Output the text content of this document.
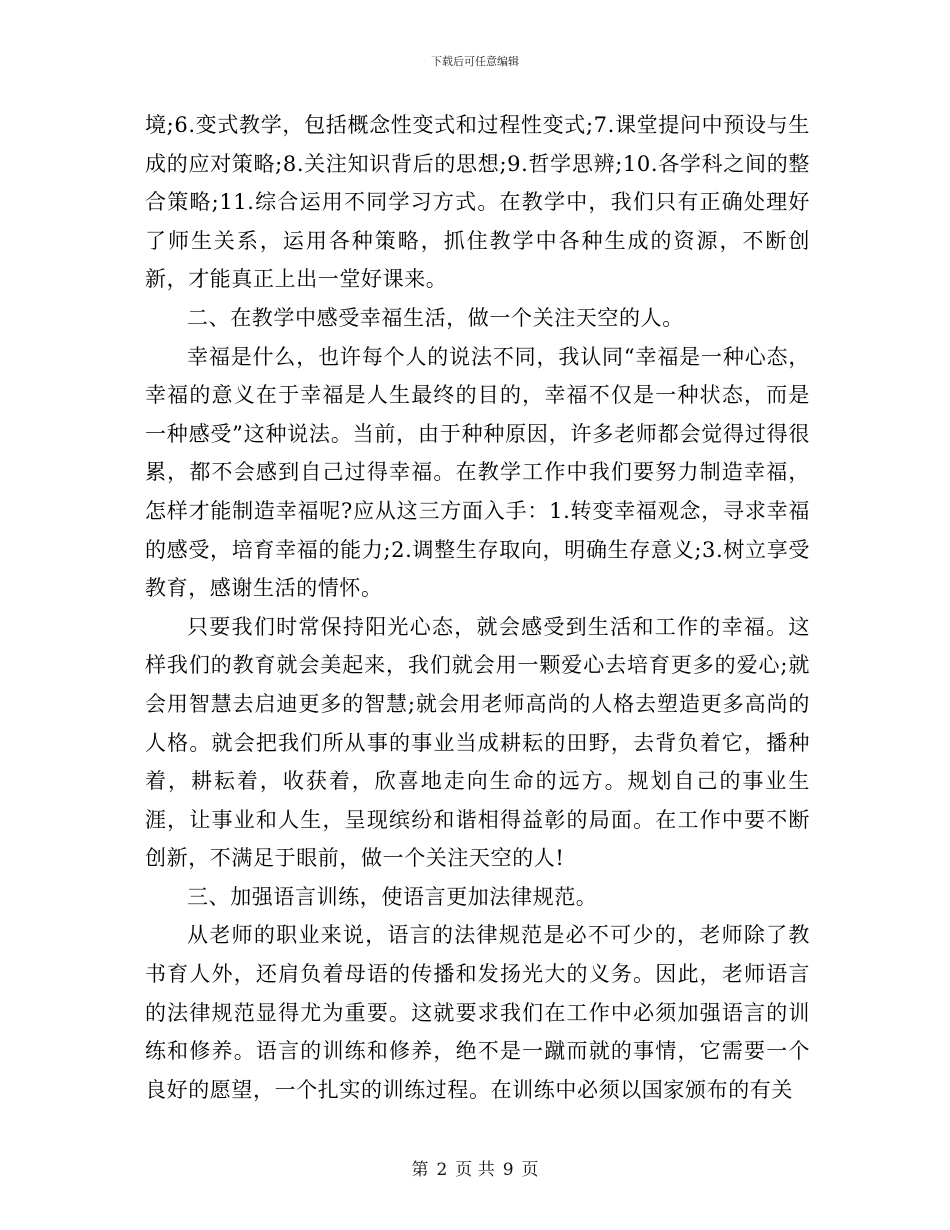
下载后可任意编辑

境;6.变式教学，包括概念性变式和过程性变式;7.课堂提问中预设与生成的应对策略;8.关注知识背后的思想;9.哲学思辨;10.各学科之间的整合策略;11.综合运用不同学习方式。在教学中，我们只有正确处理好了师生关系，运用各种策略，抓住教学中各种生成的资源，不断创新，才能真正上出一堂好课来。

二、在教学中感受幸福生活，做一个关注天空的人。

幸福是什么，也许每个人的说法不同，我认同“幸福是一种心态，幸福的意义在于幸福是人生最终的目的，幸福不仅是一种状态，而是一种感受”这种说法。当前，由于种种原因，许多老师都会觉得过得很累，都不会感到自己过得幸福。在教学工作中我们要努力制造幸福，怎样才能制造幸福呢?应从这三方面入手：1.转变幸福观念，寻求幸福的感受，培育幸福的能力;2.调整生存取向，明确生存意义;3.树立享受教育，感谢生活的情怀。

只要我们时常保持阳光心态，就会感受到生活和工作的幸福。这样我们的教育就会美起来，我们就会用一颗爱心去培育更多的爱心;就会用智慧去启迪更多的智慧;就会用老师高尚的人格去塑造更多高尚的人格。就会把我们所从事的事业当成耕耘的田野，去背负着它，播种着，耕耘着，收获着，欣喜地走向生命的远方。规划自己的事业生涯，让事业和人生，呈现缤纷和谐相得益彰的局面。在工作中要不断创新，不满足于眼前，做一个关注天空的人!

三、加强语言训练，使语言更加法律规范。

从老师的职业来说，语言的法律规范是必不可少的，老师除了教书育人外，还肩负着母语的传播和发扬光大的义务。因此，老师语言的法律规范显得尤为重要。这就要求我们在工作中必须加强语言的训练和修养。语言的训练和修养，绝不是一蹴而就的事情，它需要一个良好的愿望，一个扎实的训练过程。在训练中必须以国家颁布的有关

第 2 页 共 9 页
